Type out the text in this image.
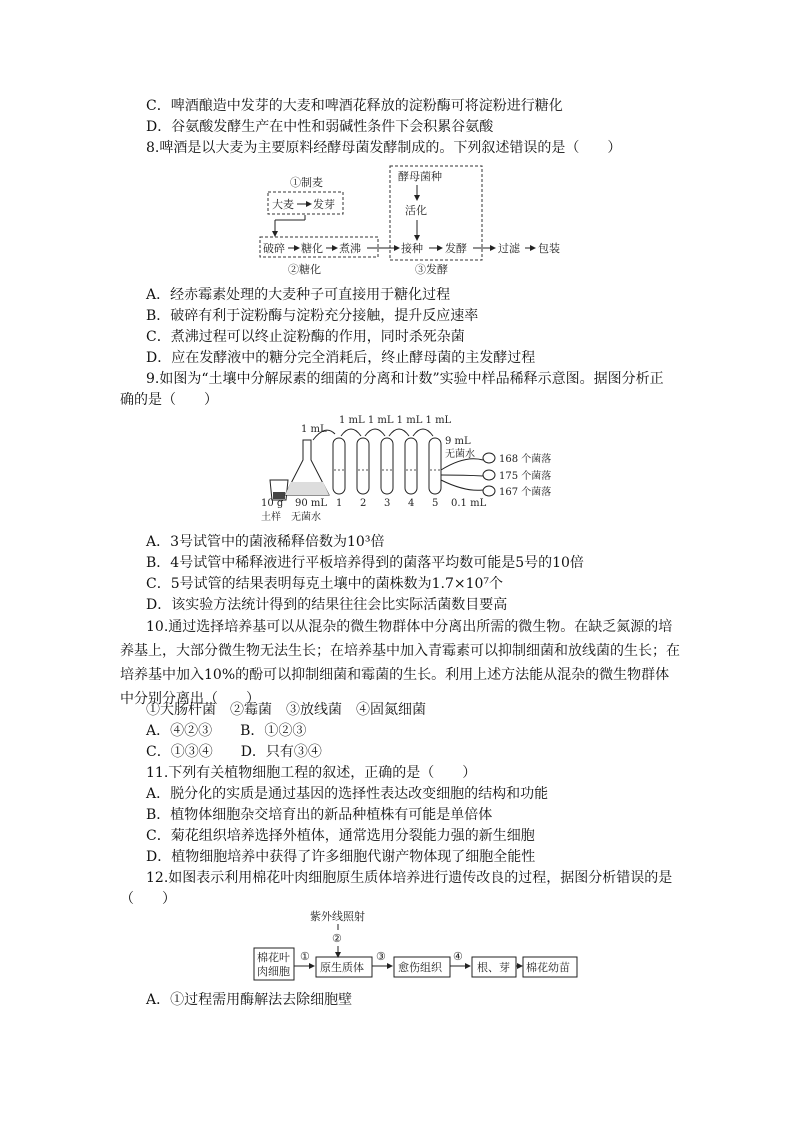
C．啤酒酿造中发芽的大麦和啤酒花释放的淀粉酶可将淀粉进行糖化
D．谷氨酸发酵生产在中性和弱碱性条件下会积累谷氨酸
8.啤酒是以大麦为主要原料经酵母菌发酵制成的。下列叙述错误的是（　　）
①制麦
大麦 发芽
酵母菌种
活化
破碎 糖化 煮沸	接种 发酵	过滤 包装
②糖化	③发酵
A．经赤霉素处理的大麦种子可直接用于糖化过程
B．破碎有利于淀粉酶与淀粉充分接触，提升反应速率
C．煮沸过程可以终止淀粉酶的作用，同时杀死杂菌
D．应在发酵液中的糖分完全消耗后，终止酵母菌的主发酵过程
9.如图为“土壤中分解尿素的细菌的分离和计数”实验中样品稀释示意图。据图分析正
确的是（　　）
1 mL 1 mL 1 mL 1 mL
1 mL
9 mL
无菌水 168 个菌落
175 个菌落
167 个菌落
10 g
土样
90 mL
无菌水
1 2 3 4 5 0.1 mL
A．3号试管中的菌液稀释倍数为10³倍
B．4号试管中稀释液进行平板培养得到的菌落平均数可能是5号的10倍
C．5号试管的结果表明每克土壤中的菌株数为1.7×10⁷个
D．该实验方法统计得到的结果往往会比实际活菌数目要高
10.通过选择培养基可以从混杂的微生物群体中分离出所需的微生物。在缺乏氮源的培养基上，大部分微生物无法生长；在培养基中加入青霉素可以抑制细菌和放线菌的生长；在培养基中加入10%的酚可以抑制细菌和霉菌的生长。利用上述方法能从混杂的微生物群体中分别分离出（　　）
①大肠杆菌　②霉菌　③放线菌　④固氮细菌
A．④②③　　B．①②③
C．①③④　　D．只有③④
11.下列有关植物细胞工程的叙述，正确的是（　　）
A．脱分化的实质是通过基因的选择性表达改变细胞的结构和功能
B．植物体细胞杂交培育出的新品种植株有可能是单倍体
C．菊花组织培养选择外植体，通常选用分裂能力强的新生细胞
D．植物细胞培养中获得了许多细胞代谢产物体现了细胞全能性
12.如图表示利用棉花叶肉细胞原生质体培养进行遗传改良的过程，据图分析错误的是
（　　）
紫外线照射
②
棉花叶
肉细胞
①
原生质体
③
愈伤组织
④
根、芽 棉花幼苗
A．①过程需用酶解法去除细胞壁
